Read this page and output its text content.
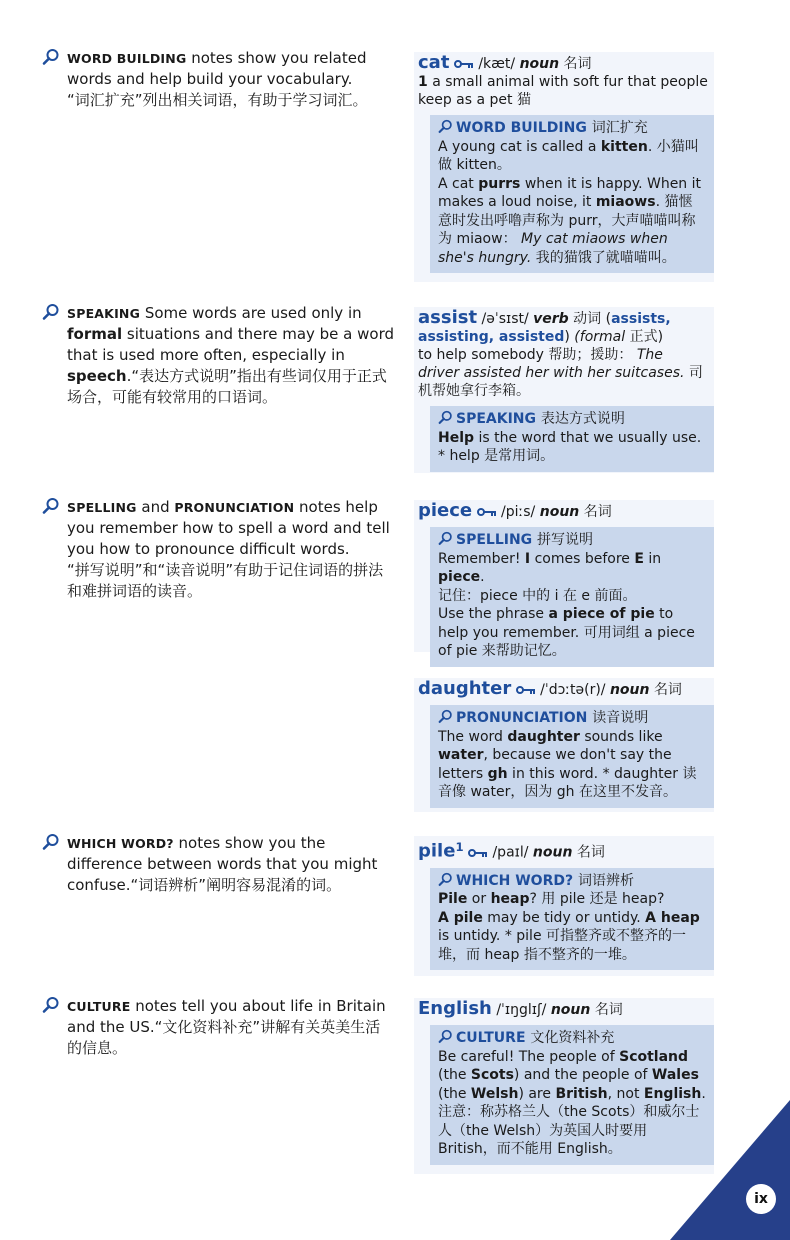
WORD BUILDING notes show you related words and help build your vocabulary.
“词汇扩充”列出相关词语，有助于学习词汇。
SPEAKING Some words are used only in formal situations and there may be a word that is used more often, especially in speech.“表达方式说明”指出有些词仅用于正式场合，可能有较常用的口语词。
SPELLING and PRONUNCIATION notes help you remember how to spell a word and tell you how to pronounce difficult words.
“拼写说明”和“读音说明”有助于记住词语的拼法和难拼词语的读音。
WHICH WORD? notes show you the difference between words that you might confuse.“词语辨析”阐明容易混淆的词。
CULTURE notes tell you about life in Britain and the US.“文化资料补充”讲解有关英美生活的信息。
cat /kæt/ noun 名词
1 a small animal with soft fur that people keep as a pet 猫
WORD BUILDING 词汇扩充
A young cat is called a kitten. 小猫叫做 kitten。
A cat purrs when it is happy. When it makes a loud noise, it miaows. 猫惬意时发出呼噜声称为 purr，大声喵喵叫称为 miaow： My cat miaows when she's hungry. 我的猫饿了就喵喵叫。
assist /əˈsɪst/ verb 动词 (assists, assisting, assisted) (formal 正式)
to help somebody 帮助；援助： The driver assisted her with her suitcases. 司机帮她拿行李箱。
SPEAKING 表达方式说明
Help is the word that we usually use.
* help 是常用词。
piece /piːs/ noun 名词
SPELLING 拼写说明
Remember! I comes before E in piece.
记住：piece 中的 i 在 e 前面。
Use the phrase a piece of pie to help you remember. 可用词组 a piece of pie 来帮助记忆。
daughter /ˈdɔːtə(r)/ noun 名词
PRONUNCIATION 读音说明
The word daughter sounds like water, because we don't say the letters gh in this word. * daughter 读音像 water，因为 gh 在这里不发音。
pile$^1$ /paɪl/ noun 名词
WHICH WORD? 词语辨析
Pile or heap? 用 pile 还是 heap?
A pile may be tidy or untidy. A heap is untidy. * pile 可指整齐或不整齐的一堆，而 heap 指不整齐的一堆。
English /ˈɪŋglɪʃ/ noun 名词
CULTURE 文化资料补充
Be careful! The people of Scotland (the Scots) and the people of Wales (the Welsh) are British, not English.
注意：称苏格兰人（the Scots）和威尔士人（the Welsh）为英国人时要用 British，而不能用 English。
ix
